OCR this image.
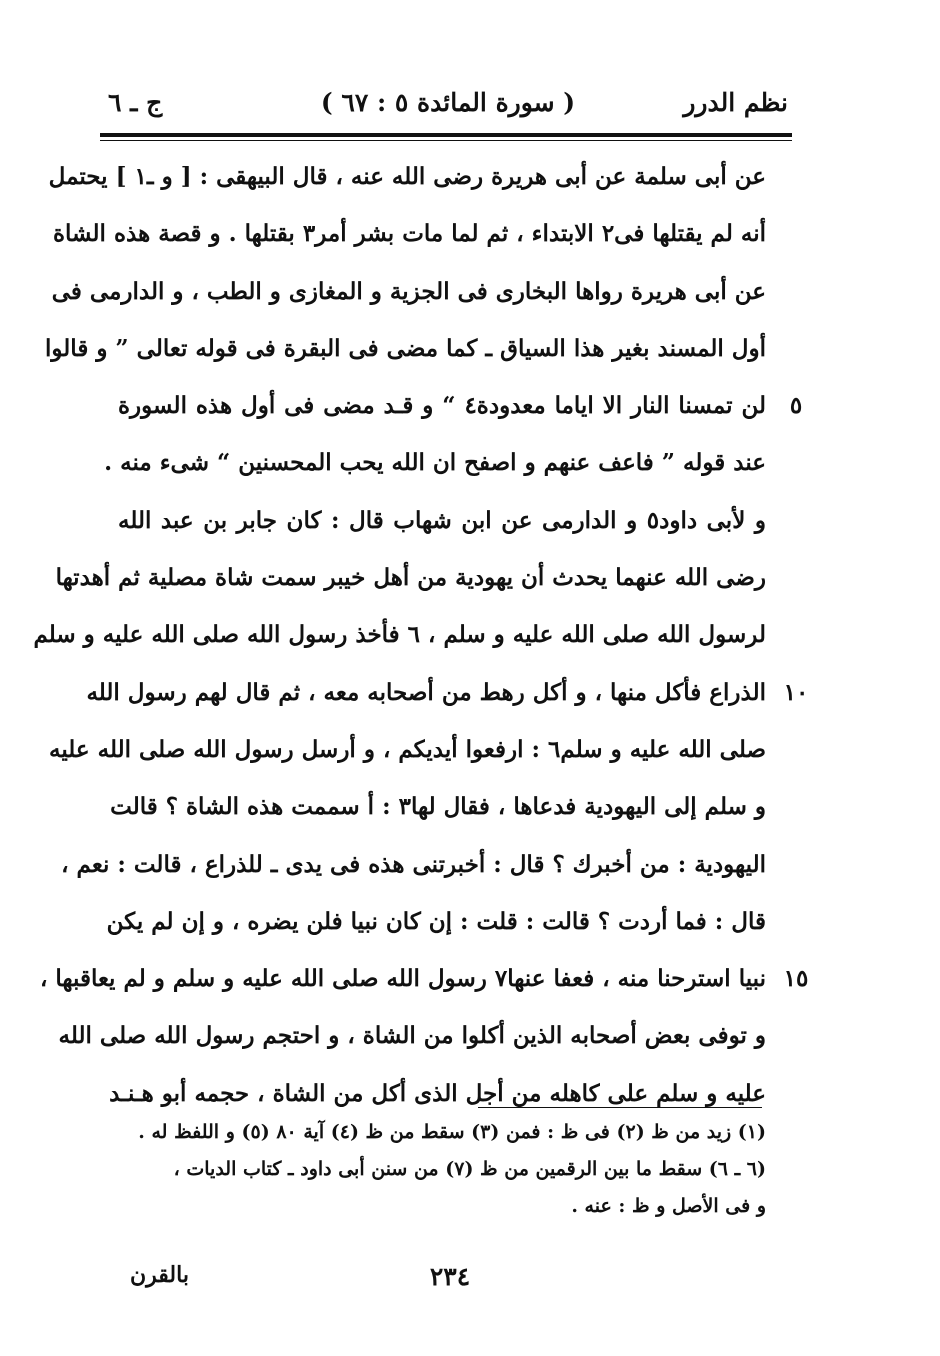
نظم الدرر
( سورة المائدة ٥ : ٦٧ )
ج ـ ٦
عن أبى سلمة عن أبى هريرة رضى الله عنه ، قال البيهقى : [ و ـ١ ] يحتمل
أنه لم يقتلها فى٢ الابتداء ، ثم لما مات بشر أمر٣ بقتلها . و قصة هذه الشاة
عن أبى هريرة رواها البخارى فى الجزية و المغازى و الطب ، و الدارمى فى
أول المسند بغير هذا السياق ـ كما مضى فى البقرة فى قوله تعالى ” و قالوا
لن تمسنا النار الا اياما معدودة٤ “ و قـد مضى فى أول هذه السورة	٥
عند قوله ” فاعف عنهم و اصفح ان الله يحب المحسنين “ شىء منه .
و لأبى داود٥ و الدارمى عن ابن شهاب قال : كان جابر بن عبد الله
رضى الله عنهما يحدث أن يهودية من أهل خيبر سمت شاة مصلية ثم أهدتها
لرسول الله صلى الله عليه و سلم ، ٦ فأخذ رسول الله صلى الله عليه و سلم
الذراع فأكل منها ، و أكل رهط من أصحابه معه ، ثم قال لهم رسول الله ١٠
صلى الله عليه و سلم٦ : ارفعوا أيديكم ، و أرسل رسول الله صلى الله عليه
و سلم إلى اليهودية فدعاها ، فقال لها٣ : أ سممت هذه الشاة ؟ قالت
اليهودية : من أخبرك ؟ قال : أخبرتنى هذه فى يدى ـ للذراع ، قالت : نعم ،
قال : فما أردت ؟ قالت : قلت : إن كان نبيا فلن يضره ، و إن لم يكن
نبيا استرحنا منه ، فعفا عنها٧ رسول الله صلى الله عليه و سلم و لم يعاقبها ، ١٥
و توفى بعض أصحابه الذين أكلوا من الشاة ، و احتجم رسول الله صلى الله
عليه و سلم على كاهله من أجل الذى أكل من الشاة ، حجمه أبو هـنـد
(١) زيد من ظ (٢) فى ظ : فمن (٣) سقط من ظ (٤) آية ٨٠ (٥) و اللفظ له .
(٦ ـ ٦) سقط ما بين الرقمين من ظ (٧) من سنن أبى داود ـ كتاب الديات ،
و فى الأصل و ظ : عنه .
٢٣٤
بالقرن
